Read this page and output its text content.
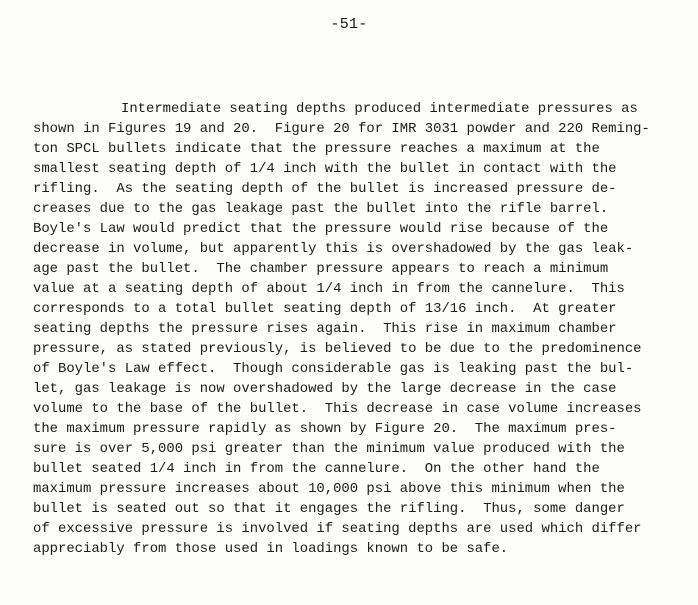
-51-
Intermediate seating depths produced intermediate pressures as
shown in Figures 19 and 20.  Figure 20 for IMR 3031 powder and 220 Reming-
ton SPCL bullets indicate that the pressure reaches a maximum at the
smallest seating depth of 1/4 inch with the bullet in contact with the
rifling.  As the seating depth of the bullet is increased pressure de-
creases due to the gas leakage past the bullet into the rifle barrel.
Boyle's Law would predict that the pressure would rise because of the
decrease in volume, but apparently this is overshadowed by the gas leak-
age past the bullet.  The chamber pressure appears to reach a minimum
value at a seating depth of about 1/4 inch in from the cannelure.  This
corresponds to a total bullet seating depth of 13/16 inch.  At greater
seating depths the pressure rises again.  This rise in maximum chamber
pressure, as stated previously, is believed to be due to the predominence
of Boyle's Law effect.  Though considerable gas is leaking past the bul-
let, gas leakage is now overshadowed by the large decrease in the case
volume to the base of the bullet.  This decrease in case volume increases
the maximum pressure rapidly as shown by Figure 20.  The maximum pres-
sure is over 5,000 psi greater than the minimum value produced with the
bullet seated 1/4 inch in from the cannelure.  On the other hand the
maximum pressure increases about 10,000 psi above this minimum when the
bullet is seated out so that it engages the rifling.  Thus, some danger
of excessive pressure is involved if seating depths are used which differ
appreciably from those used in loadings known to be safe.
